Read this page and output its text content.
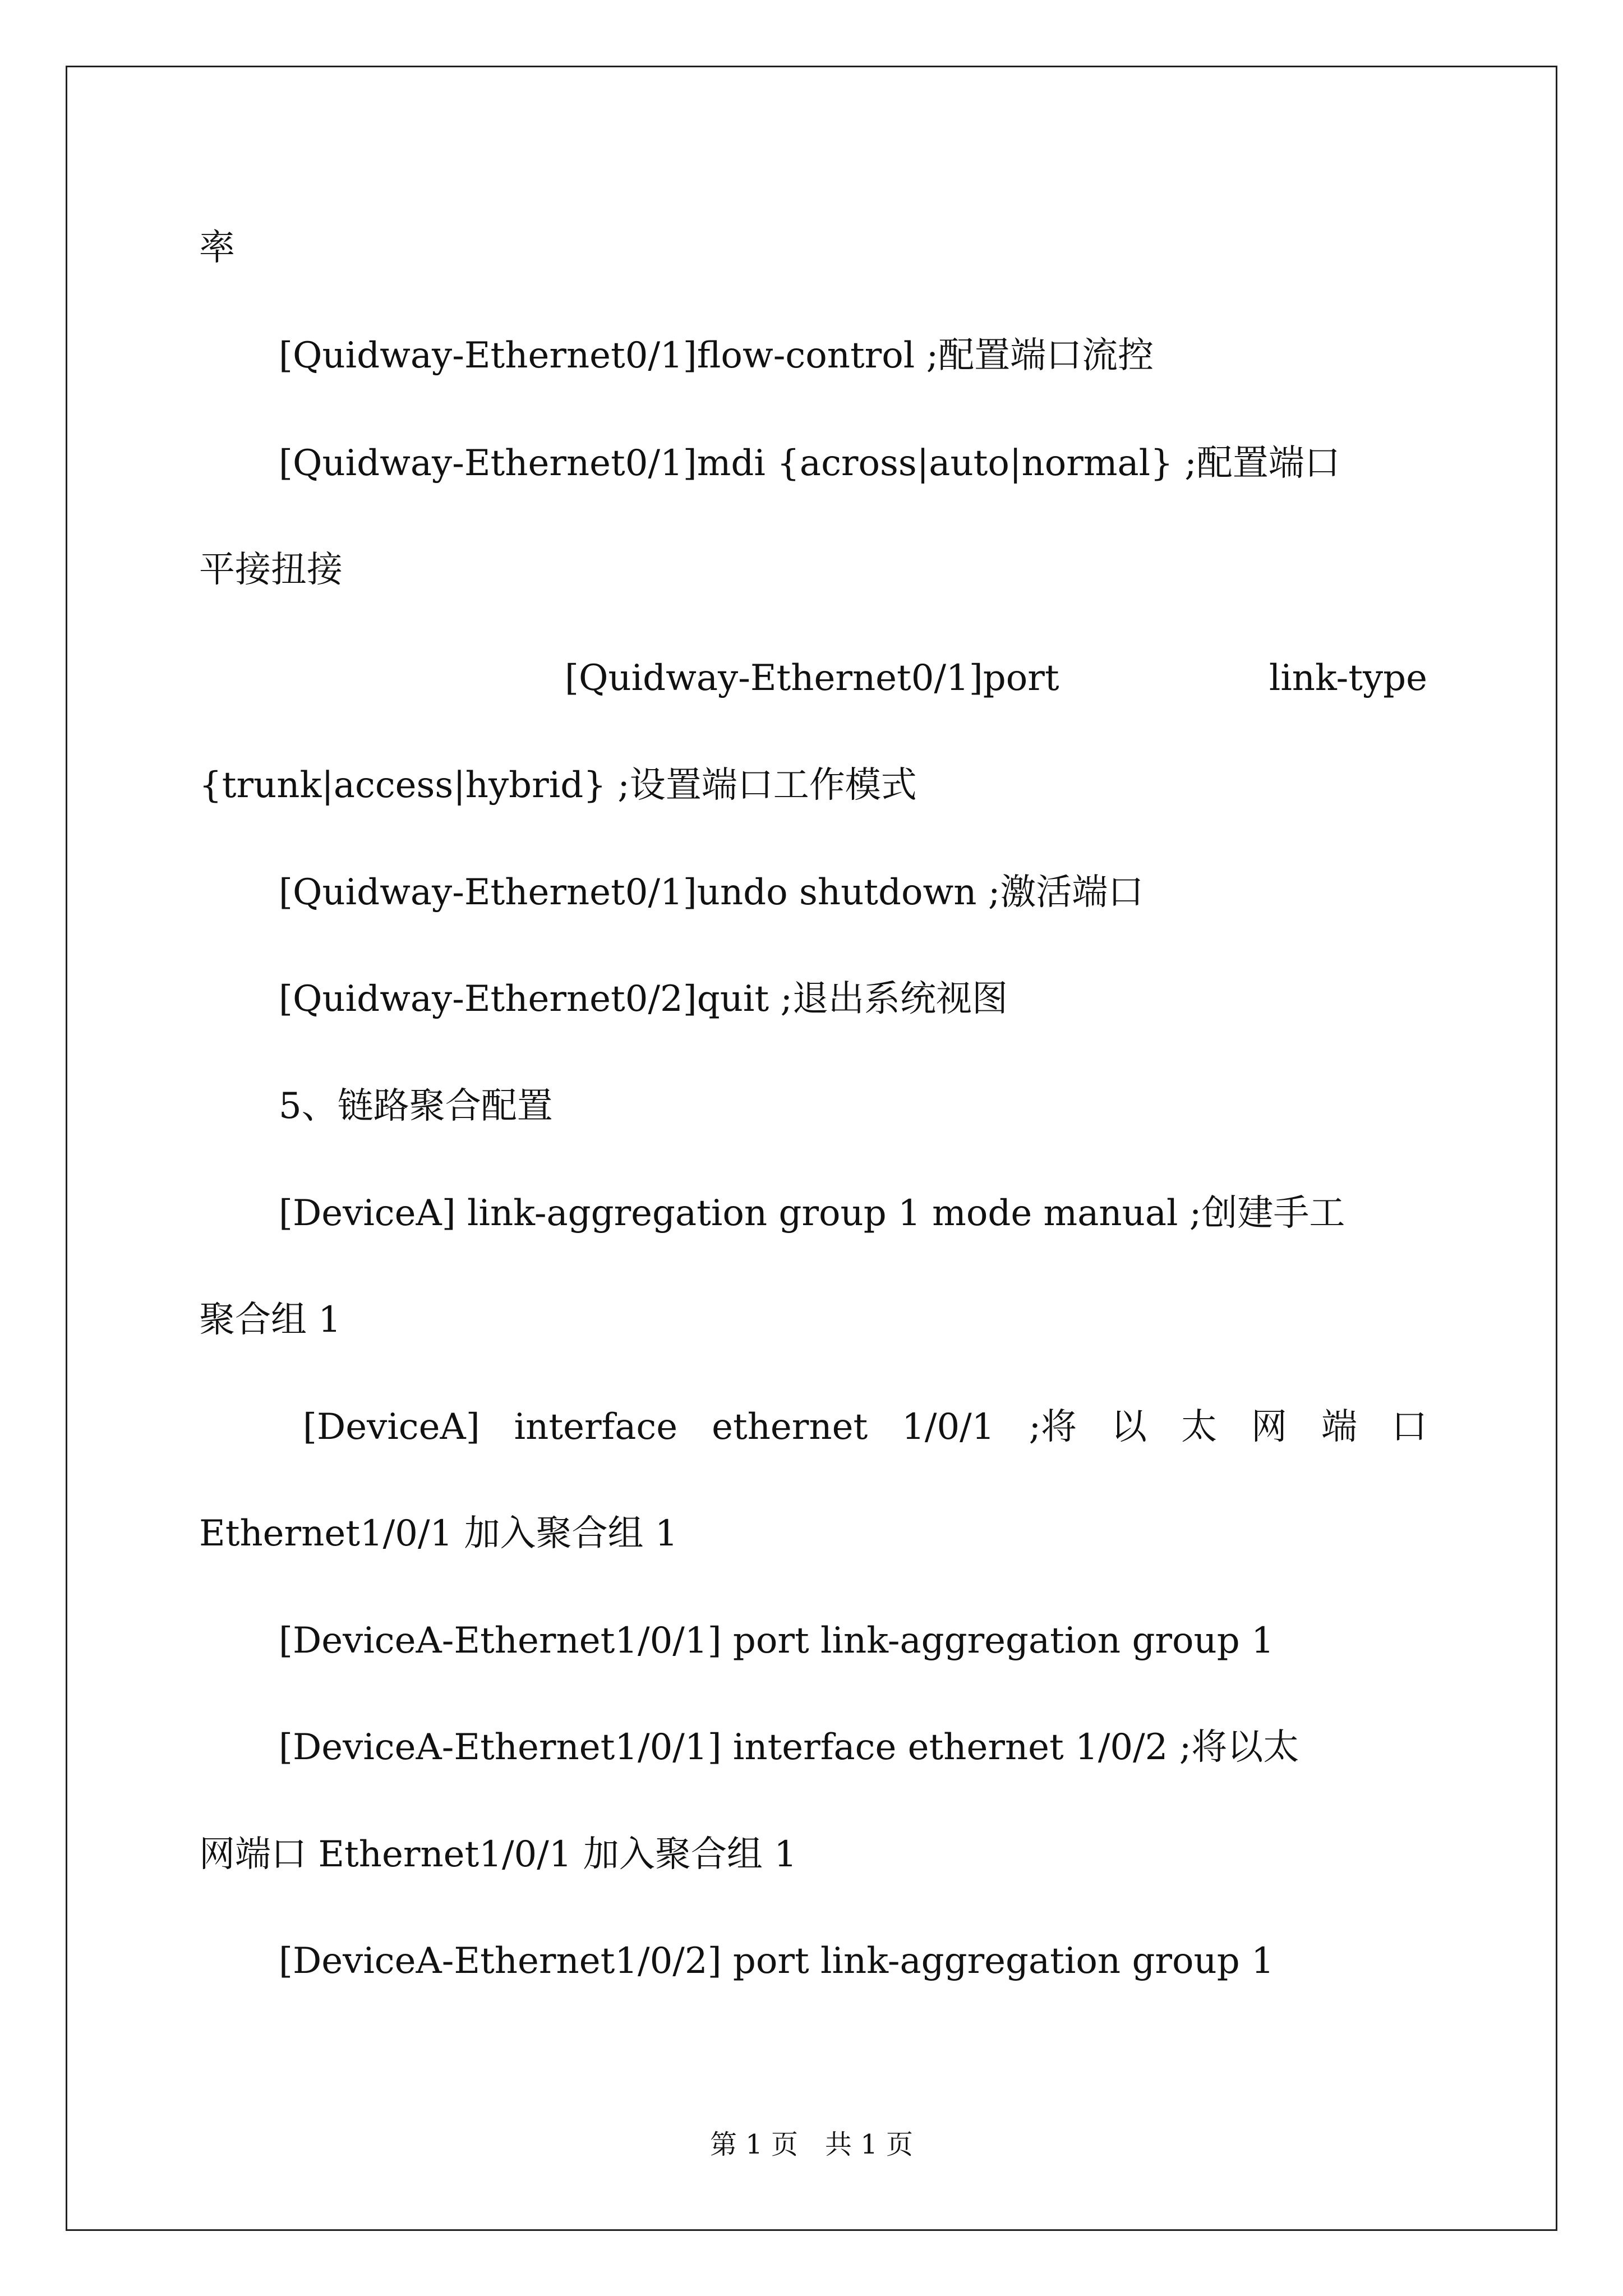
率
[Quidway-Ethernet0/1]flow-control ;配置端口流控
[Quidway-Ethernet0/1]mdi {across|auto|normal} ;配置端口
平接扭接
[Quidway-Ethernet0/1]port	link-type
{trunk|access|hybrid} ;设置端口工作模式
[Quidway-Ethernet0/1]undo shutdown ;激活端口
[Quidway-Ethernet0/2]quit ;退出系统视图
5、链路聚合配置
[DeviceA] link-aggregation group 1 mode manual ;创建手工
聚合组 1
[DeviceA] interface ethernet 1/0/1 ;将 以 太 网 端 口
Ethernet1/0/1 加入聚合组 1
[DeviceA-Ethernet1/0/1] port link-aggregation group 1
[DeviceA-Ethernet1/0/1] interface ethernet 1/0/2 ;将以太
网端口 Ethernet1/0/1 加入聚合组 1
[DeviceA-Ethernet1/0/2] port link-aggregation group 1
第 1 页　共 1 页
